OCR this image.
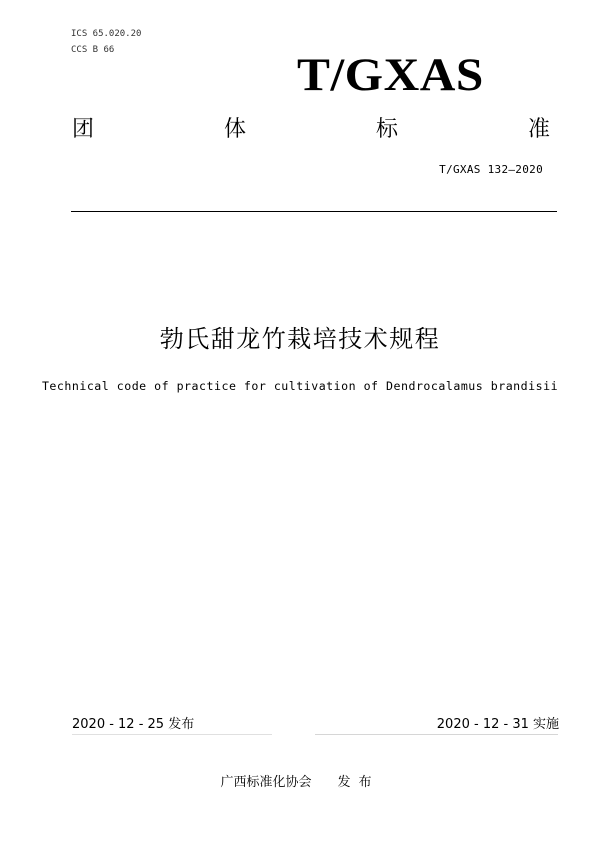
ICS 65.020.20
CCS B 66	T/GXAS
团	体	标	准
T/GXAS 132—2020
勃氏甜龙竹栽培技术规程
Technical code of practice for cultivation of Dendrocalamus brandisii
2020 - 12 - 25 发布	2020 - 12 - 31 实施
广西标准化协会 发布
